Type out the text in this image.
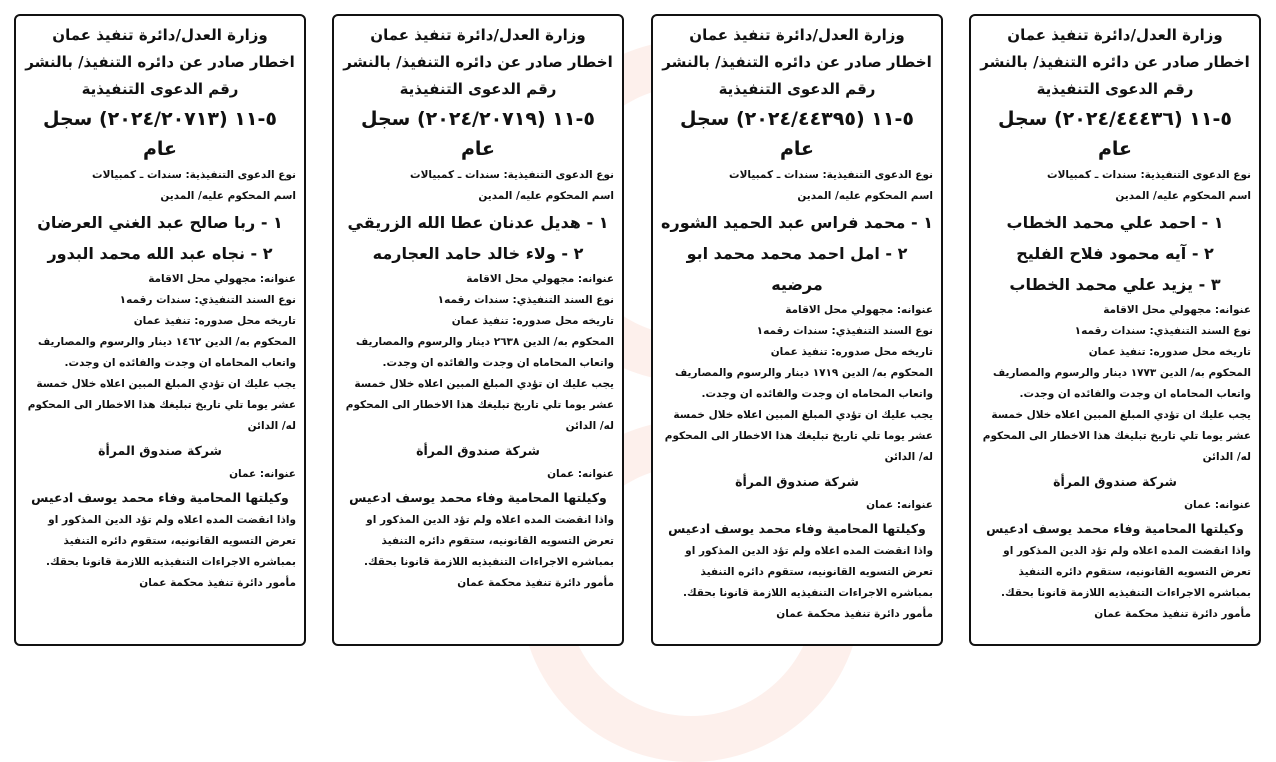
وزارة العدل/دائرة تنفيذ عمان
اخطار صادر عن دائره التنفيذ/ بالنشر
رقم الدعوى التنفيذية
٥-١١ (٢٠٢٤/٢٠٧١٣) سجل عام
نوع الدعوى التنفيذية: سندات ـ كمبيالات
اسم المحكوم عليه/ المدين
١ - ربا صالح عبد الغني العرضان
٢ - نجاه عبد الله محمد البدور
عنوانه: مجهولي محل الاقامة
نوع السند التنفيذي: سندات رقمه١
تاريخه محل صدوره: تنفيذ عمان
المحكوم به/ الدين ١٤٦٢ دينار والرسوم والمصاريف واتعاب المحاماه ان وجدت والفائده ان وجدت.
يجب عليك ان تؤدي المبلغ المبين اعلاه خلال خمسة عشر يوما تلي تاريخ تبليغك هذا الاخطار الى المحكوم له/ الدائن
شركة صندوق المرأة
عنوانه: عمان
وكيلتها المحامية وفاء محمد يوسف ادعيس
واذا انقضت المده اعلاه ولم تؤد الدين المذكور او تعرض التسويه القانونيه، ستقوم دائره التنفيذ بمباشره الاجراءات التنفيذيه اللازمة قانونا بحقك.
مأمور دائرة تنفيذ محكمة عمان
وزارة العدل/دائرة تنفيذ عمان
اخطار صادر عن دائره التنفيذ/ بالنشر
رقم الدعوى التنفيذية
٥-١١ (٢٠٢٤/٢٠٧١٩) سجل عام
نوع الدعوى التنفيذية: سندات ـ كمبيالات
اسم المحكوم عليه/ المدين
١ - هديل عدنان عطا الله الزريقي
٢ - ولاء خالد حامد العجارمه
عنوانه: مجهولي محل الاقامة
نوع السند التنفيذي: سندات رقمه١
تاريخه محل صدوره: تنفيذ عمان
المحكوم به/ الدين ٢٦٣٨ دينار والرسوم والمصاريف واتعاب المحاماه ان وجدت والفائده ان وجدت.
يجب عليك ان تؤدي المبلغ المبين اعلاه خلال خمسة عشر يوما تلي تاريخ تبليغك هذا الاخطار الى المحكوم له/ الدائن
شركة صندوق المرأة
عنوانه: عمان
وكيلتها المحامية وفاء محمد يوسف ادعيس
واذا انقضت المده اعلاه ولم تؤد الدين المذكور او تعرض التسويه القانونيه، ستقوم دائره التنفيذ بمباشره الاجراءات التنفيذيه اللازمة قانونا بحقك.
مأمور دائرة تنفيذ محكمة عمان
وزارة العدل/دائرة تنفيذ عمان
اخطار صادر عن دائره التنفيذ/ بالنشر
رقم الدعوى التنفيذية
٥-١١ (٢٠٢٤/٤٤٣٩٥) سجل عام
نوع الدعوى التنفيذية: سندات ـ كمبيالات
اسم المحكوم عليه/ المدين
١ - محمد فراس عبد الحميد الشوره
٢ - امل احمد محمد محمد ابو مرضيه
عنوانه: مجهولي محل الاقامة
نوع السند التنفيذي: سندات رقمه١
تاريخه محل صدوره: تنفيذ عمان
المحكوم به/ الدين ١٧١٩ دينار والرسوم والمصاريف واتعاب المحاماه ان وجدت والفائده ان وجدت.
يجب عليك ان تؤدي المبلغ المبين اعلاه خلال خمسة عشر يوما تلي تاريخ تبليغك هذا الاخطار الى المحكوم له/ الدائن
شركة صندوق المرأة
عنوانه: عمان
وكيلتها المحامية وفاء محمد يوسف ادعيس
واذا انقضت المده اعلاه ولم تؤد الدين المذكور او تعرض التسويه القانونيه، ستقوم دائره التنفيذ بمباشره الاجراءات التنفيذيه اللازمة قانونا بحقك.
مأمور دائرة تنفيذ محكمة عمان
وزارة العدل/دائرة تنفيذ عمان
اخطار صادر عن دائره التنفيذ/ بالنشر
رقم الدعوى التنفيذية
٥-١١ (٢٠٢٤/٤٤٤٣٦) سجل عام
نوع الدعوى التنفيذية: سندات ـ كمبيالات
اسم المحكوم عليه/ المدين
١ - احمد علي محمد الخطاب
٢ - آيه محمود فلاح الفليح
٣ - يزيد علي محمد الخطاب
عنوانه: مجهولي محل الاقامة
نوع السند التنفيذي: سندات رقمه١
تاريخه محل صدوره: تنفيذ عمان
المحكوم به/ الدين ١٧٧٣ دينار والرسوم والمصاريف واتعاب المحاماه ان وجدت والفائده ان وجدت.
يجب عليك ان تؤدي المبلغ المبين اعلاه خلال خمسة عشر يوما تلي تاريخ تبليغك هذا الاخطار الى المحكوم له/ الدائن
شركة صندوق المرأة
عنوانه: عمان
وكيلتها المحامية وفاء محمد يوسف ادعيس
واذا انقضت المده اعلاه ولم تؤد الدين المذكور او تعرض التسويه القانونيه، ستقوم دائره التنفيذ بمباشره الاجراءات التنفيذيه اللازمة قانونا بحقك.
مأمور دائرة تنفيذ محكمة عمان
